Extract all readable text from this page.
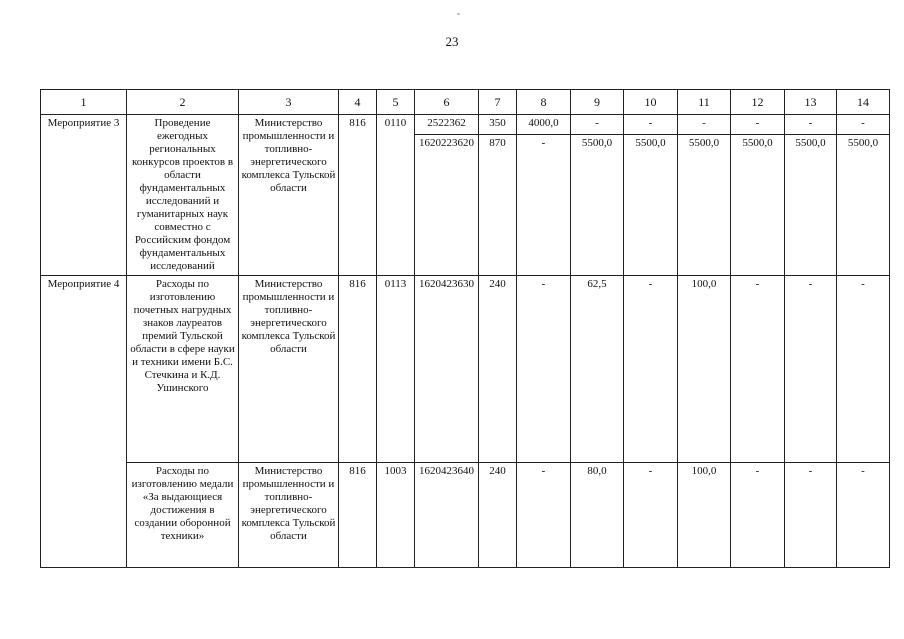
23
1	2	3	4	5	6	7	8	9	10	11	12	13	14
Мероприятие 3	Проведение ежегодных региональных конкурсов проектов в области фундаментальных исследований и гуманитарных наук совместно с Российским фондом фундаментальных исследований	Министерство промышленности и топливно-энергетического комплекса Тульской области	816	0110	2522362	350	4000,0	-	-	-	-	-	-
					1620223620	870	-	5500,0	5500,0	5500,0	5500,0	5500,0	5500,0
Мероприятие 4	Расходы по изготовлению почетных нагрудных знаков лауреатов премий Тульской области в сфере науки и техники имени Б.С. Стечкина и К.Д. Ушинского	Министерство промышленности и топливно-энергетического комплекса Тульской области	816	0113	1620423630	240	-	62,5	-	100,0	-	-	-
	Расходы по изготовлению медали «За выдающиеся достижения в создании оборонной техники»	Министерство промышленности и топливно-энергетического комплекса Тульской области	816	1003	1620423640	240	-	80,0	-	100,0	-	-	-
